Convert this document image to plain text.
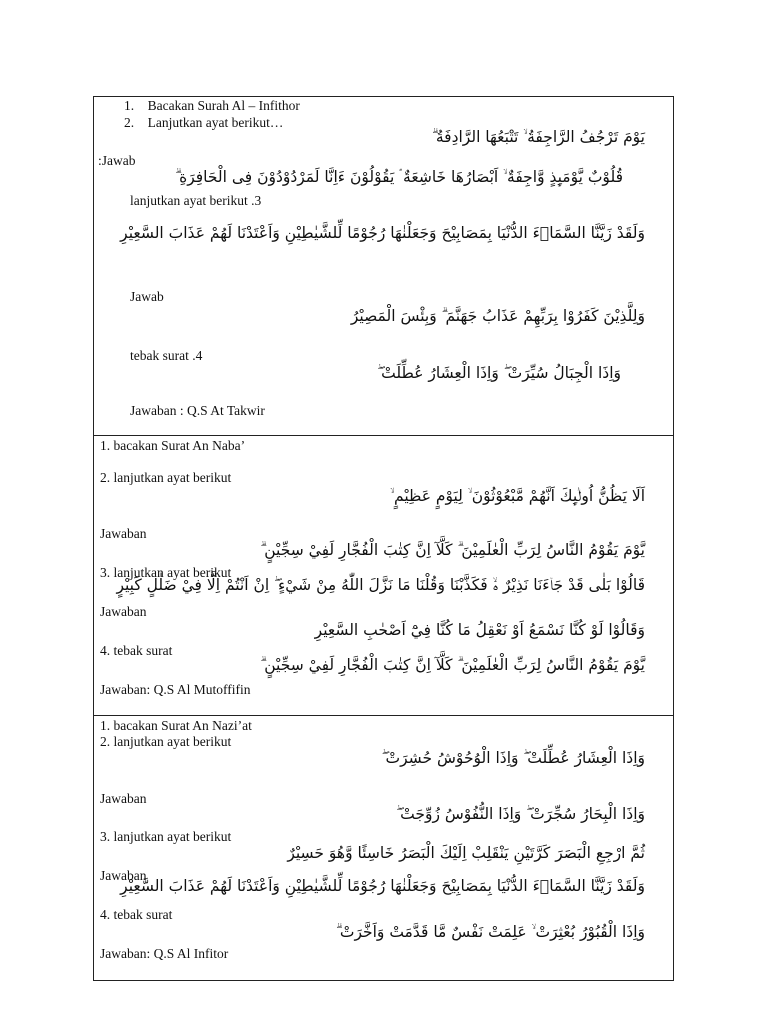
1.    Bacakan Surah Al – Infithor
2.    Lanjutkan ayat berikut…
يَوْمَ تَرْجُفُ الرَّاجِفَةُ ۙ تَتْبَعُهَا الرَّادِفَةُ ۗ
:Jawab
قُلُوْبٌ يَّوْمَىِٕذٍ وَّاجِفَةٌ ۙ اَبْصَارُهَا خَاشِعَةٌ ۘ يَقُوْلُوْنَ ءَاِنَّا لَمَرْدُوْدُوْنَ فِى الْحَافِرَةِ ۗ
lanjutkan ayat berikut .3
وَلَقَدْ زَيَّنَّا السَّمَاۤءَ الدُّنْيَا بِمَصَابِيْحَ وَجَعَلْنٰهَا رُجُوْمًا لِّلشَّيٰطِيْنِ وَاَعْتَدْنَا لَهُمْ عَذَابَ السَّعِيْرِ
Jawab
وَلِلَّذِيْنَ كَفَرُوْا بِرَبِّهِمْ عَذَابُ جَهَنَّمَ ۗ وَبِئْسَ الْمَصِيْرُ
tebak surat .4
وَاِذَا الْجِبَالُ سُيِّرَتْ ۖ وَاِذَا الْعِشَارُ عُطِّلَتْ ۖ
Jawaban : Q.S At Takwir
1. bacakan Surat An Naba’
2. lanjutkan ayat berikut
اَلَا يَظُنُّ اُولٰۤىِٕكَ اَنَّهُمْ مَّبْعُوْثُوْنَ ۙ لِيَوْمٍ عَظِيْمٍ ۙ
Jawaban
يَّوْمَ يَقُوْمُ النَّاسُ لِرَبِّ الْعٰلَمِيْنَ ۗ كَلَّآ اِنَّ كِتٰبَ الْفُجَّارِ لَفِيْ سِجِّيْنٍ ۗ
3. lanjutkan ayat berikut
قَالُوْا بَلٰى قَدْ جَاۤءَنَا نَذِيْرٌ ەۙ فَكَذَّبْنَا وَقُلْنَا مَا نَزَّلَ اللّٰهُ مِنْ شَيْءٍ ۖ اِنْ اَنْتُمْ اِلَّا فِيْ ضَلٰلٍ كَبِيْرٍ
Jawaban
وَقَالُوْا لَوْ كُنَّا نَسْمَعُ اَوْ نَعْقِلُ مَا كُنَّا فِيْٓ اَصْحٰبِ السَّعِيْرِ
4. tebak surat
يَّوْمَ يَقُوْمُ النَّاسُ لِرَبِّ الْعٰلَمِيْنَ ۗ كَلَّآ اِنَّ كِتٰبَ الْفُجَّارِ لَفِيْ سِجِّيْنٍ ۗ
Jawaban: Q.S Al Mutoffifin
1. bacakan Surat An Nazi’at
2. lanjutkan ayat berikut
وَاِذَا الْعِشَارُ عُطِّلَتْ ۖ وَاِذَا الْوُحُوْشُ حُشِرَتْ ۖ
Jawaban
وَاِذَا الْبِحَارُ سُجِّرَتْ ۖ وَاِذَا النُّفُوْسُ زُوِّجَتْ ۖ
3. lanjutkan ayat berikut
ثُمَّ ارْجِعِ الْبَصَرَ كَرَّتَيْنِ يَنْقَلِبْ اِلَيْكَ الْبَصَرُ خَاسِئًا وَّهُوَ حَسِيْرٌ
Jawaban
وَلَقَدْ زَيَّنَّا السَّمَاۤءَ الدُّنْيَا بِمَصَابِيْحَ وَجَعَلْنٰهَا رُجُوْمًا لِّلشَّيٰطِيْنِ وَاَعْتَدْنَا لَهُمْ عَذَابَ السَّعِيْرِ
4. tebak surat
وَاِذَا الْقُبُوْرُ بُعْثِرَتْ ۙ عَلِمَتْ نَفْسٌ مَّا قَدَّمَتْ وَاَخَّرَتْ ۗ
Jawaban: Q.S Al Infitor
